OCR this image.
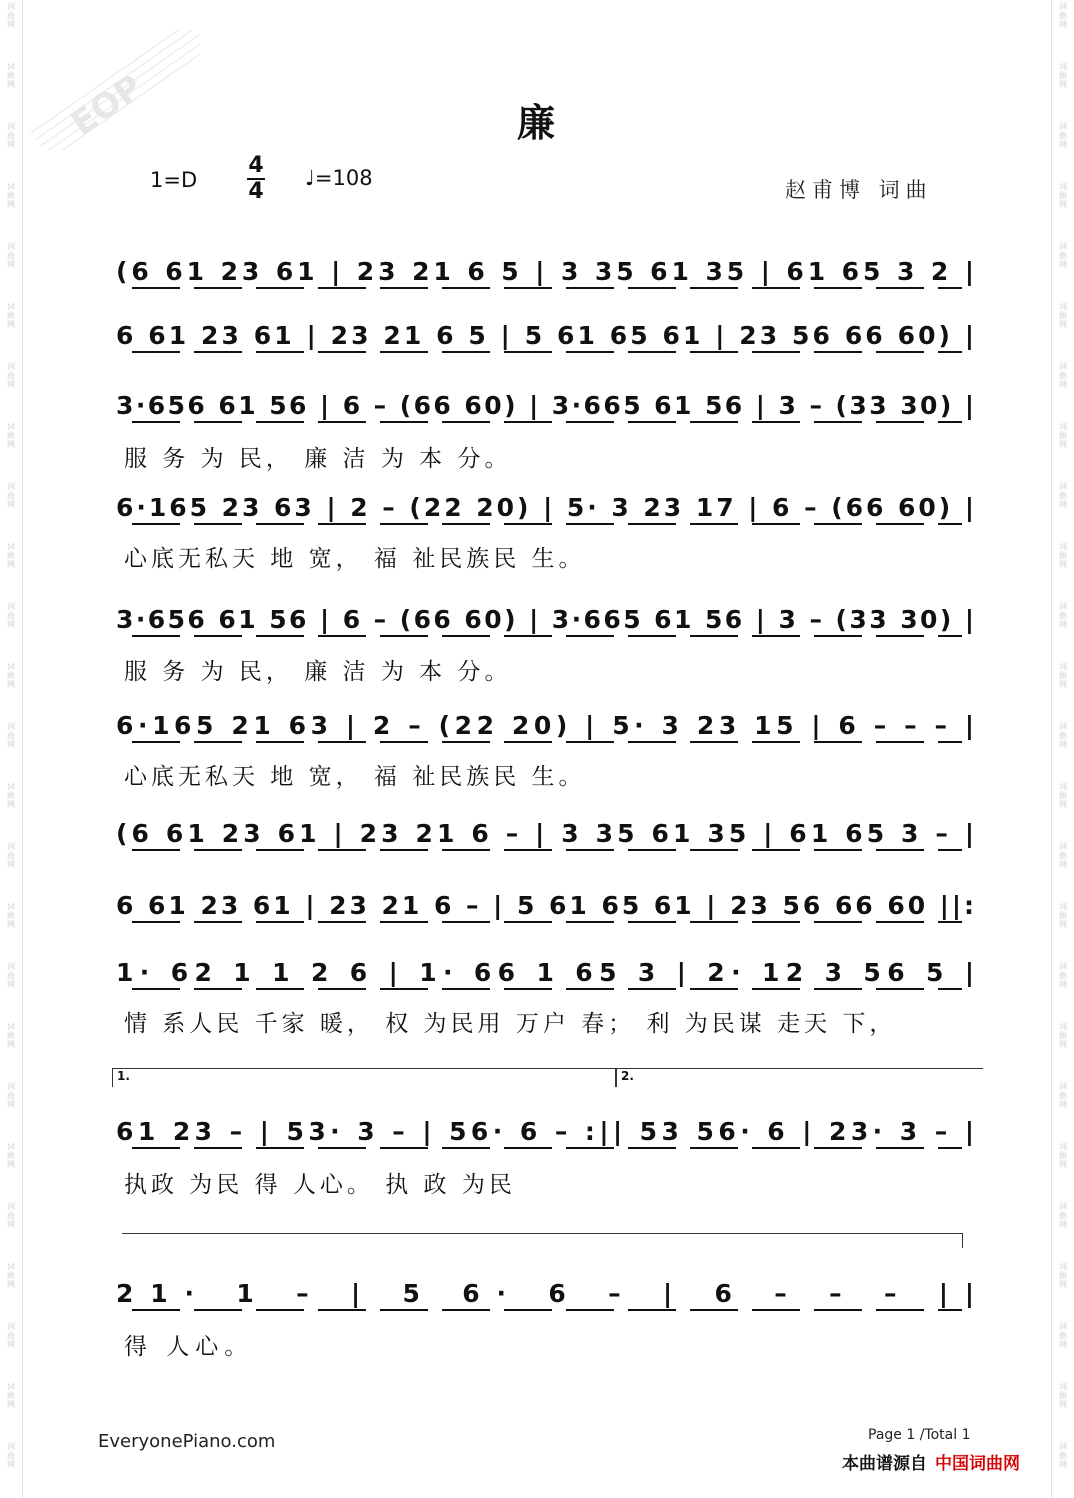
词
曲
网
词
曲
网
词
曲
网
词
曲
网
词
曲
网
词
曲
网
词
曲
网
词
曲
网
词
曲
网
词
曲
网
词
曲
网
词
曲
网
词
曲
网
词
曲
网
词
曲
网
词
曲
网
词
曲
网
词
曲
网
词
曲
网
词
曲
网
词
曲
网
词
曲
网
词
曲
网
词
曲
网
词
曲
网
词
曲
网
词
曲
网
词
曲
网
词
曲
网
词
曲
网
词
曲
网
词
曲
网
词
曲
网
词
曲
网
词
曲
网
词
曲
网
词
曲
网
词
曲
网
词
曲
网
词
曲
网
词
曲
网
词
曲
网
词
曲
网
词
曲
网
词
曲
网
词
曲
网
词
曲
网
词
曲
网
词
曲
网
词
曲
网
EOP	廉
1=D
4
4
♩=108	赵甫博 词曲
(6 61 23 61 | 23 21 6 5 | 3 35 61 35 | 61 65 3 2 |
6 61 23 61 | 23 21 6 5 | 5 61 65 61 | 23 56 66 60) |
3·656 61 56 | 6 – (66 60) | 3·665 61 56 | 3 – (33 30) |
6·165 23 63 | 2 – (22 20) | 5· 3 23 17 | 6 – (66 60) |
3·656 61 56 | 6 – (66 60) | 3·665 61 56 | 3 – (33 30) |
6·165 21 63 | 2 – (22 20) | 5· 3 23 15 | 6 – – – |
(6 61 23 61 | 23 21 6 – | 3 35 61 35 | 61 65 3 – |
6 61 23 61 | 23 21 6 – | 5 61 65 61 | 23 56 66 60 ||:
1· 62 1 1 2 6 | 1· 66 1 65 3 | 2· 12 3 56 5 |
61 23 – | 53· 3 – | 56· 6 – :|| 53 56· 6 | 23· 3 – |
21· 1 – | 5 6· 6 – | 6 – – – ||
1.	2.
服 务 为 民， 廉 洁 为 本 分。
心底无私天 地 宽， 福 祉民族民 生。
服 务 为 民， 廉 洁 为 本 分。
心底无私天 地 宽， 福 祉民族民 生。
情 系人民 千家 暖， 权 为民用 万户 春； 利 为民谋 走天 下，
执政 为民 得 人心。 执 政 为民
得 人心。
EveryonePiano.com	Page 1 /Total 1
本曲谱源自 中国词曲网
